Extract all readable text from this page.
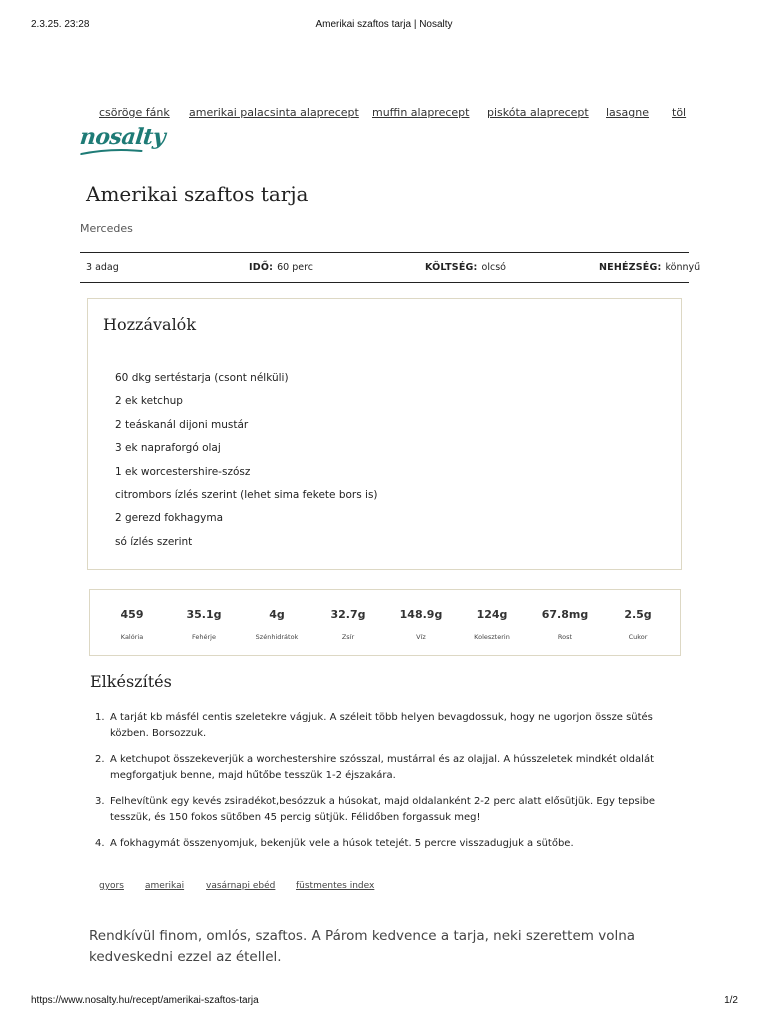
2.3.25. 23:28	Amerikai szaftos tarja | Nosalty
csöröge fánk amerikai palacsinta alaprecept muffin alaprecept piskóta alaprecept lasagne töl
nosalty
Amerikai szaftos tarja
Mercedes
3 adag	IDŐ: 60 perc	KÖLTSÉG: olcsó	NEHÉZSÉG: könnyű
Hozzávalók
60 dkg sertéstarja (csont nélküli)
2 ek ketchup
2 teáskanál dijoni mustár
3 ek napraforgó olaj
1 ek worcestershire-szósz
citrombors ízlés szerint (lehet sima fekete bors is)
2 gerezd fokhagyma
só ízlés szerint
459
Kalória
35.1g
Fehérje
4g
Szénhidrátok
32.7g
Zsír
148.9g
Víz
124g
Koleszterin
67.8mg
Rost
2.5g
Cukor
Elkészítés
1. A tarját kb másfél centis szeletekre vágjuk. A széleit több helyen bevagdossuk, hogy ne ugorjon össze sütés közben. Borsozzuk.
2. A ketchupot összekeverjük a worchestershire szósszal, mustárral és az olajjal. A hússzeletek mindkét oldalát megforgatjuk benne, majd hűtőbe tesszük 1-2 éjszakára.
3. Felhevítünk egy kevés zsiradékot,besózzuk a húsokat, majd oldalanként 2-2 perc alatt elősütjük. Egy tepsibe tesszük, és 150 fokos sütőben 45 percig sütjük. Félidőben forgassuk meg!
4. A fokhagymát összenyomjuk, bekenjük vele a húsok tetejét. 5 percre visszadugjuk a sütőbe.
gyors amerikai vasárnapi ebéd füstmentes index
Rendkívül finom, omlós, szaftos. A Párom kedvence a tarja, neki szerettem volna kedveskedni ezzel az étellel.
https://www.nosalty.hu/recept/amerikai-szaftos-tarja	1/2
